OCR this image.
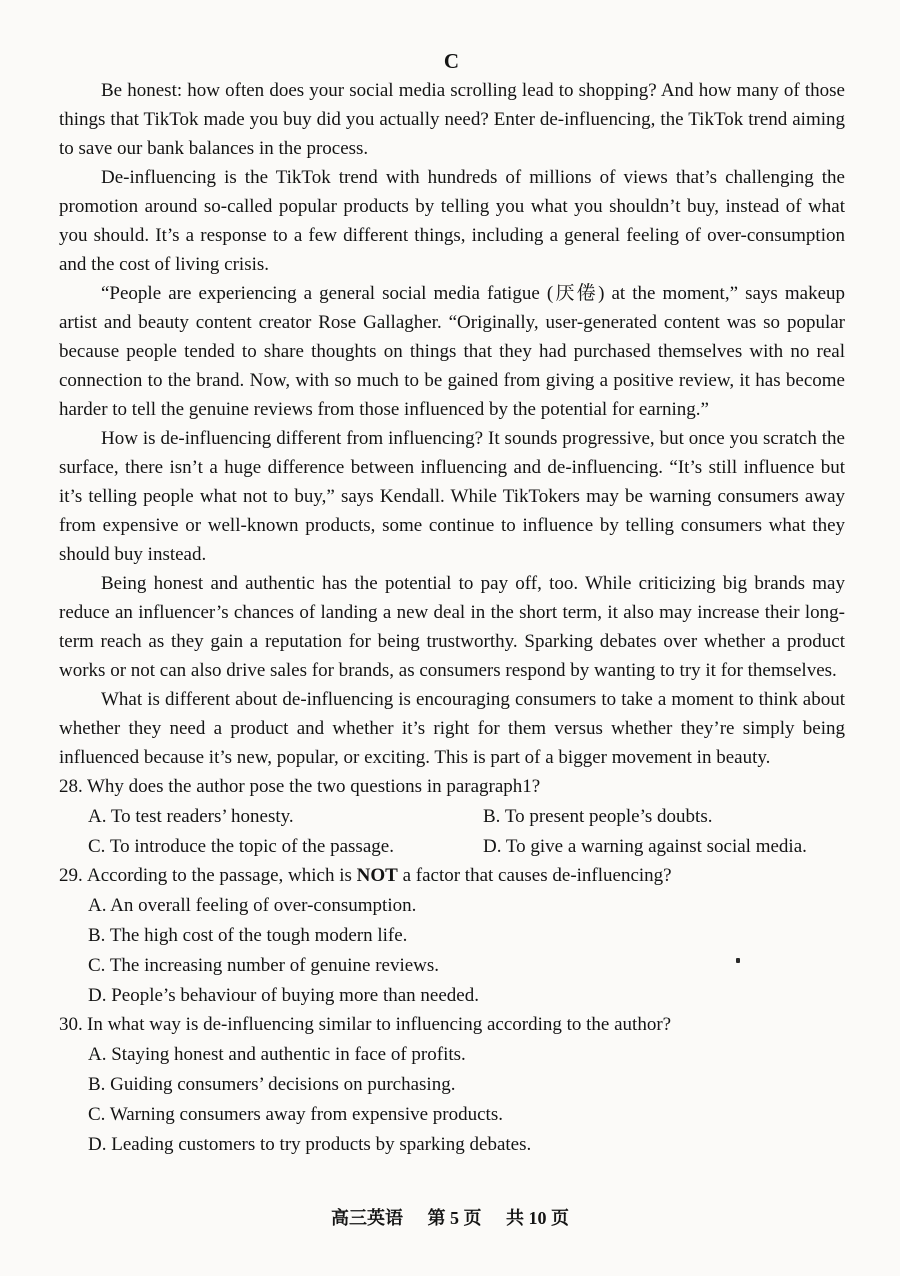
C

Be honest: how often does your social media scrolling lead to shopping? And how many of those things that TikTok made you buy did you actually need? Enter de-influencing, the TikTok trend aiming to save our bank balances in the process.

De-influencing is the TikTok trend with hundreds of millions of views that’s challenging the promotion around so-called popular products by telling you what you shouldn’t buy, instead of what you should. It’s a response to a few different things, including a general feeling of over-consumption and the cost of living crisis.

“People are experiencing a general social media fatigue (厌倦) at the moment,” says makeup artist and beauty content creator Rose Gallagher. “Originally, user-generated content was so popular because people tended to share thoughts on things that they had purchased themselves with no real connection to the brand. Now, with so much to be gained from giving a positive review, it has become harder to tell the genuine reviews from those influenced by the potential for earning.”

How is de-influencing different from influencing? It sounds progressive, but once you scratch the surface, there isn’t a huge difference between influencing and de-influencing. “It’s still influence but it’s telling people what not to buy,” says Kendall. While TikTokers may be warning consumers away from expensive or well-known products, some continue to influence by telling consumers what they should buy instead.

Being honest and authentic has the potential to pay off, too. While criticizing big brands may reduce an influencer’s chances of landing a new deal in the short term, it also may increase their long-term reach as they gain a reputation for being trustworthy. Sparking debates over whether a product works or not can also drive sales for brands, as consumers respond by wanting to try it for themselves.

What is different about de-influencing is encouraging consumers to take a moment to think about whether they need a product and whether it’s right for them versus whether they’re simply being influenced because it’s new, popular, or exciting. This is part of a bigger movement in beauty.

28. Why does the author pose the two questions in paragraph1?
A. To test readers’ honesty.	B. To present people’s doubts.
C. To introduce the topic of the passage.	D. To give a warning against social media.
29. According to the passage, which is NOT a factor that causes de-influencing?
A. An overall feeling of over-consumption.
B. The high cost of the tough modern life.
C. The increasing number of genuine reviews.
D. People’s behaviour of buying more than needed.
30. In what way is de-influencing similar to influencing according to the author?
A. Staying honest and authentic in face of profits.
B. Guiding consumers’ decisions on purchasing.
C. Warning consumers away from expensive products.
D. Leading customers to try products by sparking debates.
高三英语 第 5 页 共 10 页
